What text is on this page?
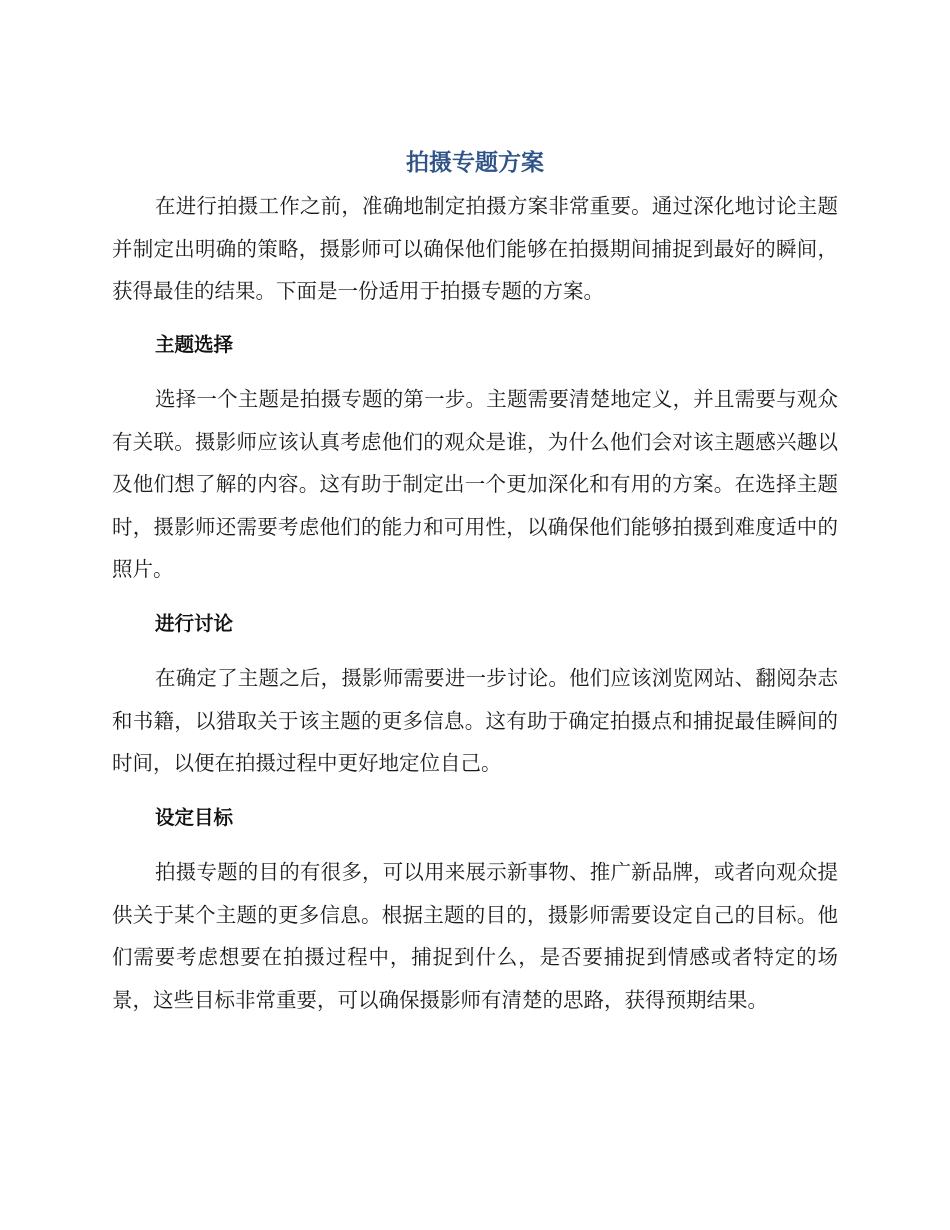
拍摄专题方案

在进行拍摄工作之前，准确地制定拍摄方案非常重要。通过深化地讨论主题并制定出明确的策略，摄影师可以确保他们能够在拍摄期间捕捉到最好的瞬间，获得最佳的结果。下面是一份适用于拍摄专题的方案。

主题选择

选择一个主题是拍摄专题的第一步。主题需要清楚地定义，并且需要与观众有关联。摄影师应该认真考虑他们的观众是谁，为什么他们会对该主题感兴趣以及他们想了解的内容。这有助于制定出一个更加深化和有用的方案。在选择主题时，摄影师还需要考虑他们的能力和可用性，以确保他们能够拍摄到难度适中的照片。

进行讨论

在确定了主题之后，摄影师需要进一步讨论。他们应该浏览网站、翻阅杂志和书籍，以猎取关于该主题的更多信息。这有助于确定拍摄点和捕捉最佳瞬间的时间，以便在拍摄过程中更好地定位自己。

设定目标

拍摄专题的目的有很多，可以用来展示新事物、推广新品牌，或者向观众提供关于某个主题的更多信息。根据主题的目的，摄影师需要设定自己的目标。他们需要考虑想要在拍摄过程中，捕捉到什么，是否要捕捉到情感或者特定的场景，这些目标非常重要，可以确保摄影师有清楚的思路，获得预期结果。
